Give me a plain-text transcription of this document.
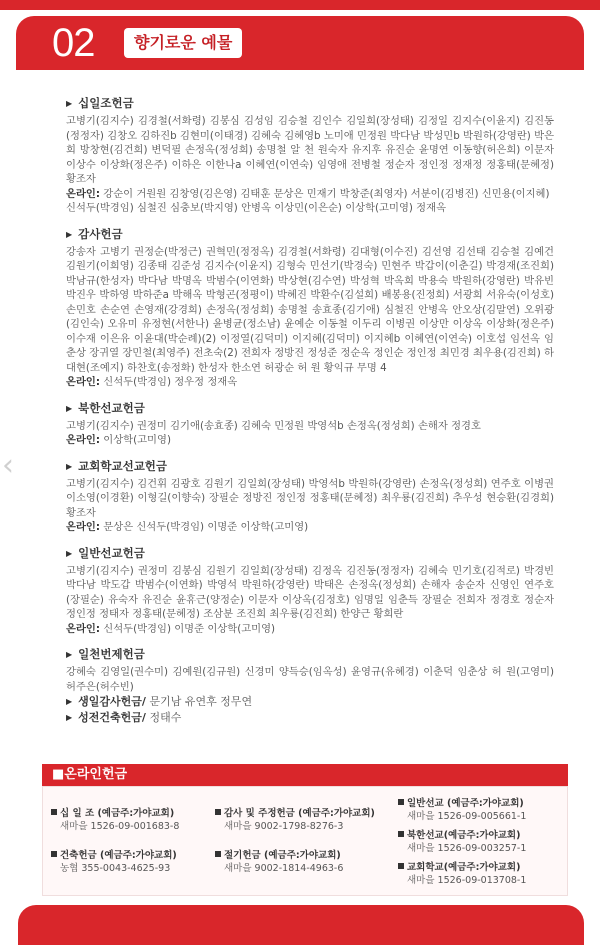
02	향기로운 예물
‹
▶ 십일조헌금

고병기(김지수) 김경철(서화령) 김봉심 김성임 김승철 김인수 김일희(장성태) 김정일 김지수(이윤지) 김진동(정정자) 김창오 김하진b 김현미(이태경) 김혜숙 김혜영b 노미애 민정원 박다남 박성민b 박원하(강영란) 박은희 방창현(김건희) 변덕필 손정옥(정성희) 송명철 알 천 원숙자 유지후 유진순 윤명연 이동향(허은희) 이문자 이상수 이상화(정은주) 이하은 이한나a 이혜연(이연숙) 임영애 전병철 정순자 정인정 정재정 정홍태(문혜정) 황조자

온라인: 강순이 거원원 김창영(김은영) 김태훈 문상은 민재기 박창준(최영자) 서분이(김병진) 신민용(이지혜) 신석두(박경임) 심철진 심충보(박지영) 안병옥 이상민(이은순) 이상학(고미영) 정재옥
▶ 감사헌금

강송자 고병기 권정순(박정근) 권혁민(정정옥) 김경철(서화령) 김대형(이수진) 김선영 김선태 김승철 김예건 김원기(이희영) 김종태 김준성 김지수(이윤지) 김형숙 민선기(박경숙) 민현주 박갑이(이춘길) 박경재(조진희) 박남규(한성자) 박다남 박명옥 박범수(이연화) 박상현(김수연) 박성혁 박옥희 박용숙 박원하(강영란) 박유빈 박진우 박하영 박하준a 박해옥 박형곤(정평이) 박혜진 박환수(김설희) 배봉용(진정희) 서광희 서유숙(이성호) 손민호 손순연 손영재(강경희) 손정옥(정성희) 송명철 송효종(김기애) 심철진 안병옥 안오상(김말연) 오위광(김인숙) 오유미 유정현(서한나) 윤병균(정소남) 윤예순 이동철 이두리 이병권 이상만 이상옥 이상화(정은주) 이수재 이은유 이윤대(박순례)(2) 이정열(김덕미) 이지혜(김덕미) 이지혜b 이혜연(이연숙) 이호섭 임선옥 임춘상 장귀열 장민철(최영주) 전초숙(2) 전희자 정방진 정성준 정순옥 정인순 정인정 최민경 최우용(김진희) 하대현(조예지) 하찬호(송정화) 한성자 한소연 허광순 허 원 황익규 무명 4

온라인: 신석두(박경임) 정우정 정재옥
▶ 북한선교헌금

고병기(김지수) 권정미 김기애(송효종) 김혜숙 민정원 박영석b 손정옥(정성희) 손해자 정경호

온라인: 이상학(고미영)
▶ 교회학교선교헌금

고병기(김지수) 김건휘 김광호 김원기 김일희(장성태) 박영석b 박원하(강영란) 손정옥(정성희) 연주호 이병권 이소영(이경환) 이형길(이향숙) 장필순 정방진 정인정 정홍태(문혜정) 최우룡(김진희) 추우성 현승환(김경희) 황조자

온라인: 문상은 신석두(박경임) 이명준 이상학(고미영)
▶ 일반선교헌금

고병기(김지수) 권정미 김봉심 김원기 김일희(장성태) 김정옥 김진동(정정자) 김혜숙 민기호(김적로) 박경빈 박다남 박도갑 박범수(이연화) 박영석 박원하(강영란) 박태은 손정옥(정성희) 손해자 송순자 신영인 연주호(장필순) 유숙자 유진순 윤휴근(양정순) 이문자 이상옥(김정호) 임명일 임춘득 장필순 전희자 정경호 정순자 정인정 정태자 정홍태(문혜정) 조삼분 조진희 최우룡(김진희) 한양근 황희란

온라인: 신석두(박경임) 이명준 이상학(고미영)
▶ 일천번제헌금

강혜숙 김영일(권수미) 김예원(김규원) 신경미 양득승(임옥성) 윤영규(유혜경) 이춘덕 임춘상 허 원(고영미) 허주은(허수빈)

▶ 생일감사헌금/ 문기남 유연후 정무연
▶ 성전건축헌금/ 정태수
■온라인헌금
십 일 조 (예금주:가야교회)
새마을 1526-09-001683-8
감사 및 주정헌금 (예금주:가야교회)
새마을 9002-1798-8276-3
일반선교 (예금주:가야교회)
새마을 1526-09-005661-1
북한선교(예금주:가야교회)
새마을 1526-09-003257-1
건축헌금 (예금주:가야교회)
농협 355-0043-4625-93
절기헌금 (예금주:가야교회)
새마을 9002-1814-4963-6	교회학교(예금주:가야교회)
새마을 1526-09-013708-1
